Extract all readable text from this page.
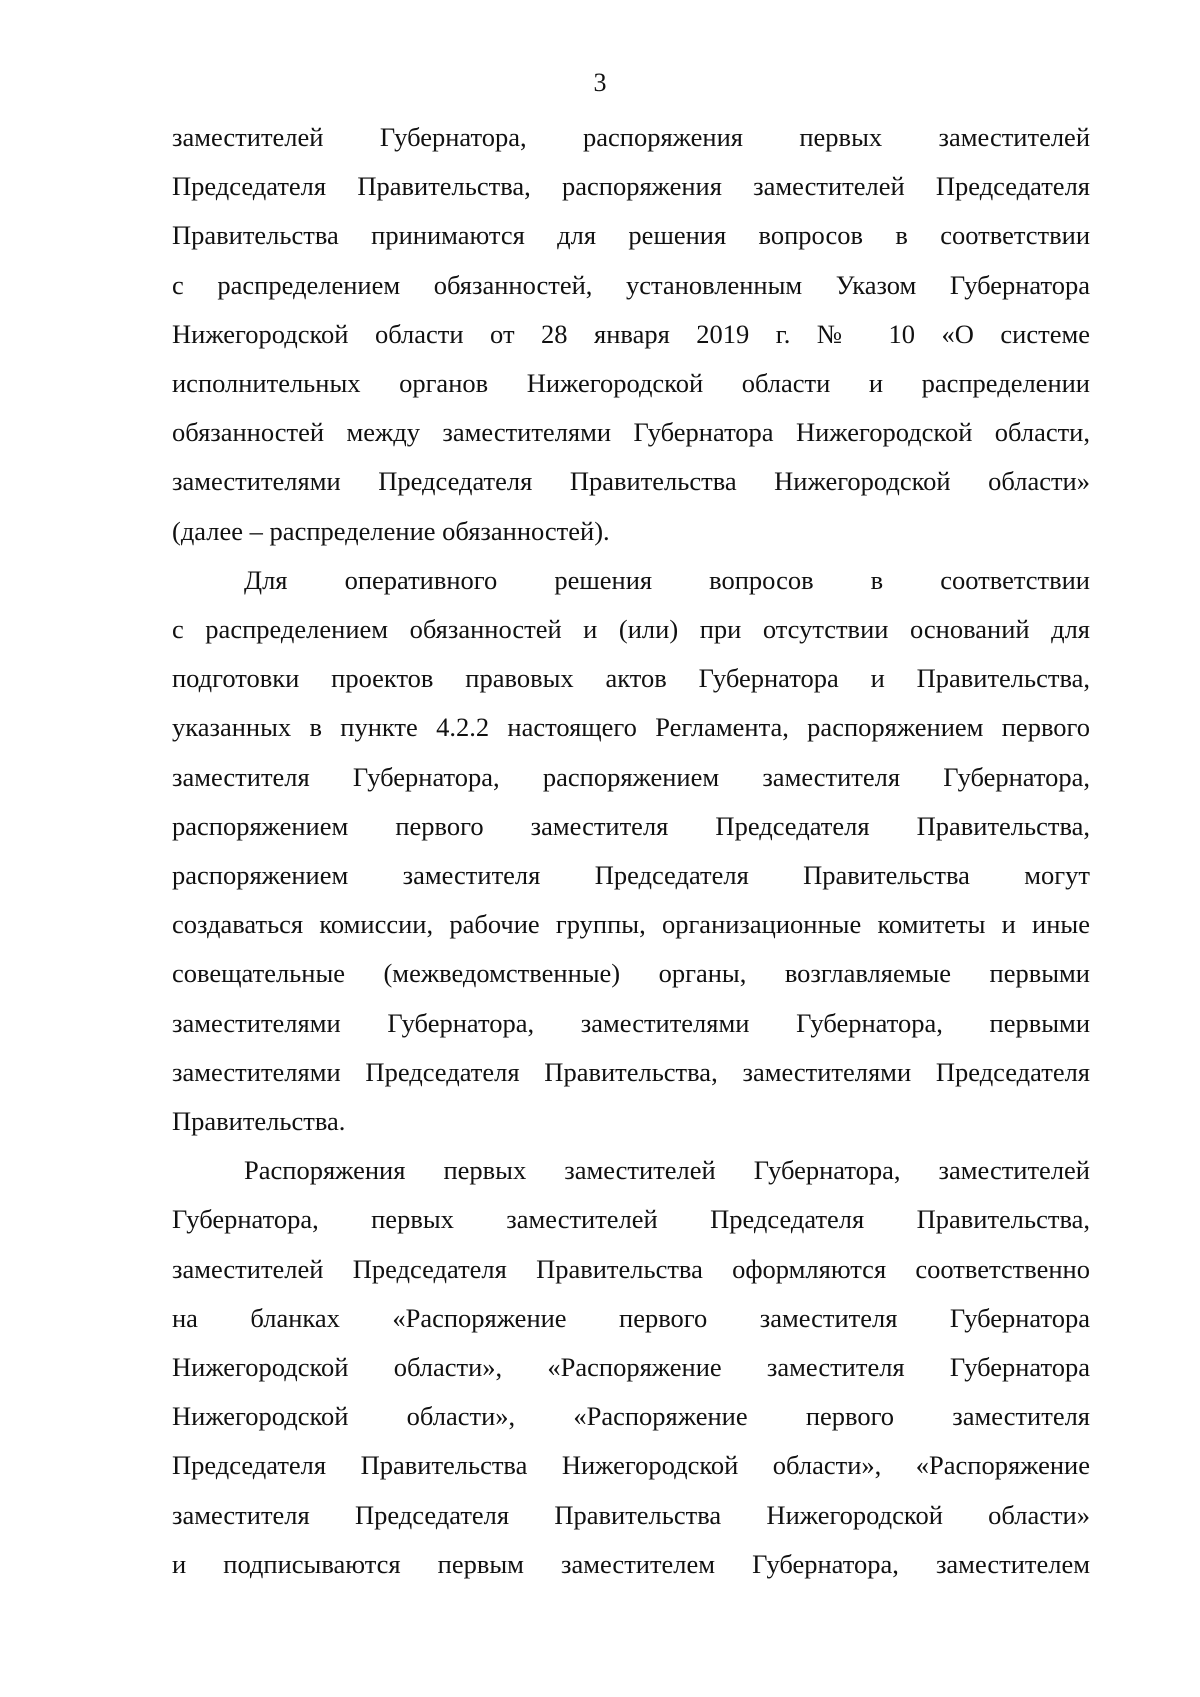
3

заместителей Губернатора, распоряжения первых заместителей
Председателя Правительства, распоряжения заместителей Председателя
Правительства принимаются для решения вопросов в соответствии
с распределением обязанностей, установленным Указом Губернатора
Нижегородской области от 28 января 2019 г. № 10 «О системе
исполнительных органов Нижегородской области и распределении
обязанностей между заместителями Губернатора Нижегородской области,
заместителями Председателя Правительства Нижегородской области»
(далее – распределение обязанностей).

Для оперативного решения вопросов в соответствии
с распределением обязанностей и (или) при отсутствии оснований для
подготовки проектов правовых актов Губернатора и Правительства,
указанных в пункте 4.2.2 настоящего Регламента, распоряжением первого
заместителя Губернатора, распоряжением заместителя Губернатора,
распоряжением первого заместителя Председателя Правительства,
распоряжением заместителя Председателя Правительства могут
создаваться комиссии, рабочие группы, организационные комитеты и иные
совещательные (межведомственные) органы, возглавляемые первыми
заместителями Губернатора, заместителями Губернатора, первыми
заместителями Председателя Правительства, заместителями Председателя
Правительства.

Распоряжения первых заместителей Губернатора, заместителей
Губернатора, первых заместителей Председателя Правительства,
заместителей Председателя Правительства оформляются соответственно
на бланках «Распоряжение первого заместителя Губернатора
Нижегородской области», «Распоряжение заместителя Губернатора
Нижегородской области», «Распоряжение первого заместителя
Председателя Правительства Нижегородской области», «Распоряжение
заместителя Председателя Правительства Нижегородской области»
и подписываются первым заместителем Губернатора, заместителем
